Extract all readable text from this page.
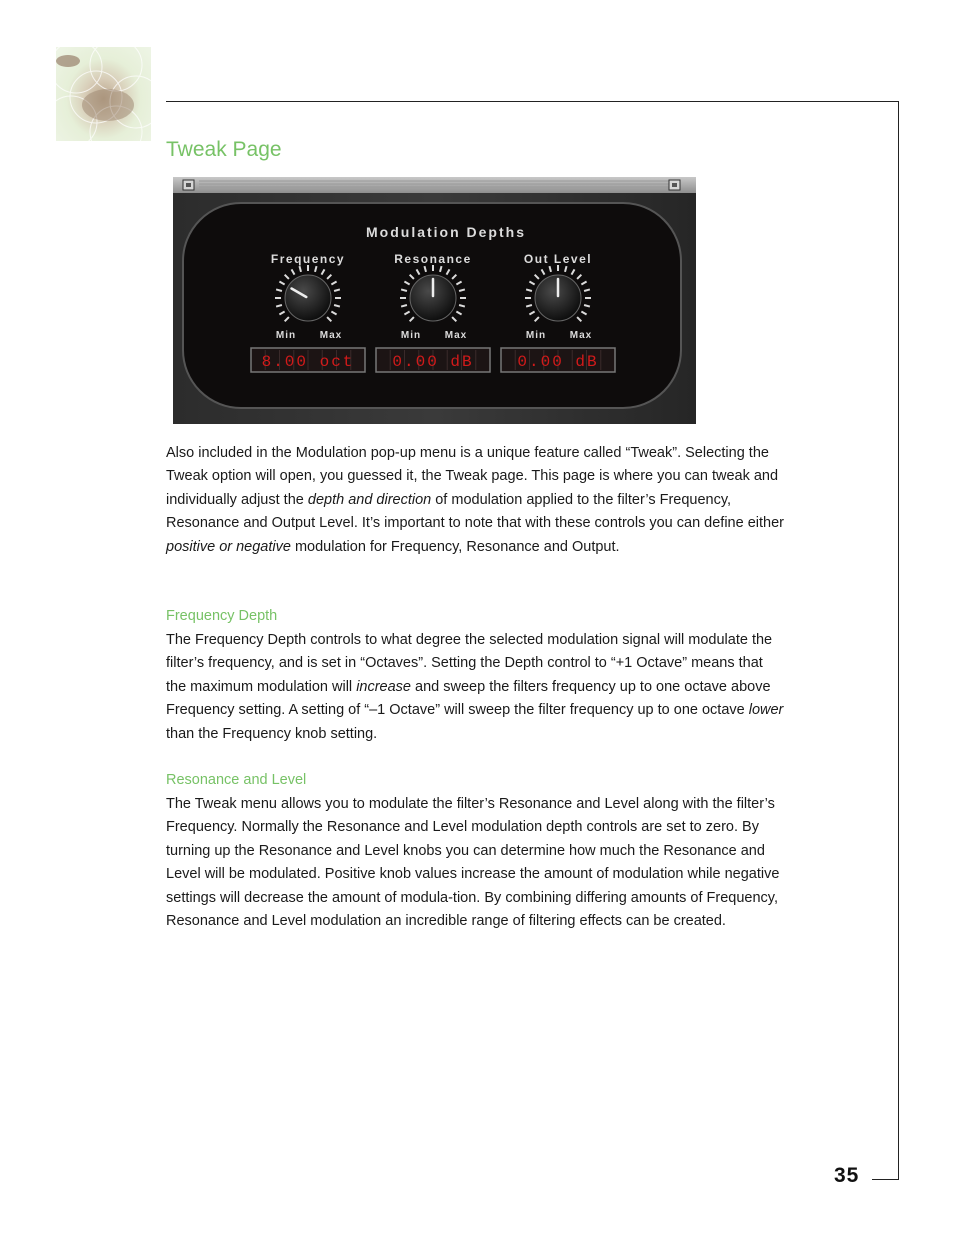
Tweak Page
Modulation Depths
Frequency
Min Max
8.00 oct
Resonance
Min Max
0.00 dB
Out Level
Min Max
0.00 dB

Also included in the Modulation pop-up menu is a unique feature called “Tweak”. Selecting the Tweak option will open, you guessed it, the Tweak page. This page is where you can tweak and individually adjust the depth and direction of modulation applied to the filter’s Frequency, Resonance and Output Level. It’s important to note that with these controls you can define either positive or negative modulation for Frequency, Resonance and Output.

Frequency Depth

The Frequency Depth controls to what degree the selected modulation signal will modulate the filter’s frequency, and is set in “Octaves”. Setting the Depth control to “+1 Octave” means that the maximum modulation will increase and sweep the filters frequency up to one octave above Frequency setting. A setting of “–1 Octave” will sweep the filter frequency up to one octave lower than the Frequency knob setting.

Resonance and Level
The Tweak menu allows you to modulate the filter’s Resonance and Level along with the filter’s Frequency. Normally the Resonance and Level modulation depth controls are set to zero. By turning up the Resonance and Level knobs you can determine how much the Resonance and Level will be modulated. Positive knob values increase the amount of modulation while negative settings will decrease the amount of modula-tion. By combining differing amounts of Frequency, Resonance and Level modulation an incredible range of filtering effects can be created.
35
